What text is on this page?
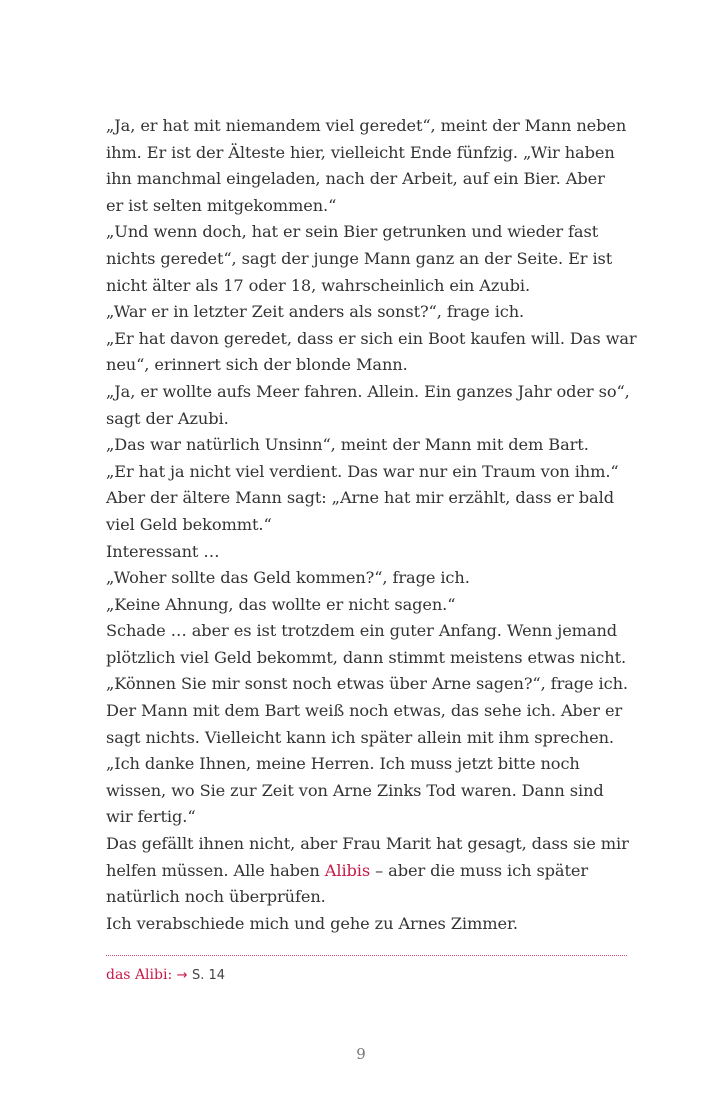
„Ja, er hat mit niemandem viel geredet“, meint der Mann neben
ihm. Er ist der Älteste hier, vielleicht Ende fünfzig. „Wir haben
ihn manchmal eingeladen, nach der Arbeit, auf ein Bier. Aber
er ist selten mitgekommen.“
„Und wenn doch, hat er sein Bier getrunken und wieder fast
nichts geredet“, sagt der junge Mann ganz an der Seite. Er ist
nicht älter als 17 oder 18, wahrscheinlich ein Azubi.
„War er in letzter Zeit anders als sonst?“, frage ich.
„Er hat davon geredet, dass er sich ein Boot kaufen will. Das war
neu“, erinnert sich der blonde Mann.
„Ja, er wollte aufs Meer fahren. Allein. Ein ganzes Jahr oder so“,
sagt der Azubi.
„Das war natürlich Unsinn“, meint der Mann mit dem Bart.
„Er hat ja nicht viel verdient. Das war nur ein Traum von ihm.“
Aber der ältere Mann sagt: „Arne hat mir erzählt, dass er bald
viel Geld bekommt.“
Interessant …
„Woher sollte das Geld kommen?“, frage ich.
„Keine Ahnung, das wollte er nicht sagen.“
Schade … aber es ist trotzdem ein guter Anfang. Wenn jemand
plötzlich viel Geld bekommt, dann stimmt meistens etwas nicht.
„Können Sie mir sonst noch etwas über Arne sagen?“, frage ich.
Der Mann mit dem Bart weiß noch etwas, das sehe ich. Aber er
sagt nichts. Vielleicht kann ich später allein mit ihm sprechen.
„Ich danke Ihnen, meine Herren. Ich muss jetzt bitte noch
wissen, wo Sie zur Zeit von Arne Zinks Tod waren. Dann sind
wir fertig.“
Das gefällt ihnen nicht, aber Frau Marit hat gesagt, dass sie mir
helfen müssen. Alle haben Alibis – aber die muss ich später
natürlich noch überprüfen.
Ich verabschiede mich und gehe zu Arnes Zimmer.
das Alibi: → S. 14
9
